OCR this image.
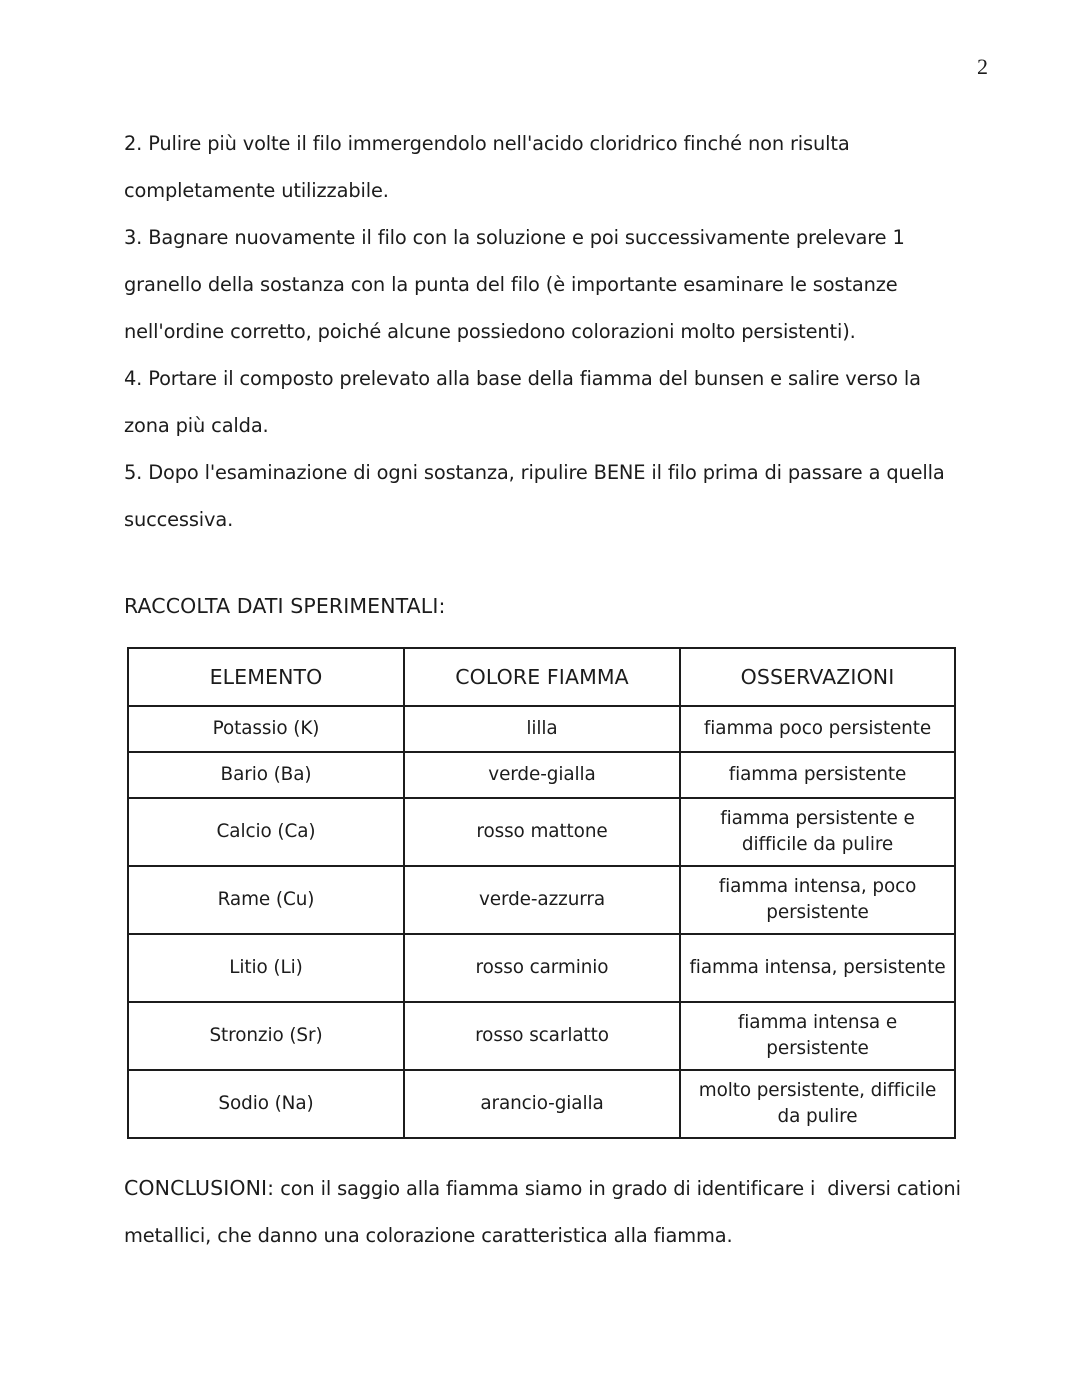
2

2. Pulire più volte il filo immergendolo nell'acido cloridrico finché non risulta completamente utilizzabile.

3. Bagnare nuovamente il filo con la soluzione e poi successivamente prelevare 1 granello della sostanza con la punta del filo (è importante esaminare le sostanze nell'ordine corretto, poiché alcune possiedono colorazioni molto persistenti).

4. Portare il composto prelevato alla base della fiamma del bunsen e salire verso la zona più calda.

5. Dopo l'esaminazione di ogni sostanza, ripulire BENE il filo prima di passare a quella successiva.

RACCOLTA DATI SPERIMENTALI:
ELEMENTO	COLORE FIAMMA	OSSERVAZIONI
Potassio (K)	lilla	fiamma poco persistente
Bario (Ba)	verde-gialla	fiamma persistente
Calcio (Ca)	rosso mattone	fiamma persistente e difficile da pulire
Rame (Cu)	verde-azzurra	fiamma intensa, poco persistente
Litio (Li)	rosso carminio	fiamma intensa, persistente
Stronzio (Sr)	rosso scarlatto	fiamma intensa e persistente
Sodio (Na)	arancio-gialla	molto persistente, difficile da pulire

CONCLUSIONI: con il saggio alla fiamma siamo in grado di identificare i  diversi cationi metallici, che danno una colorazione caratteristica alla fiamma.
